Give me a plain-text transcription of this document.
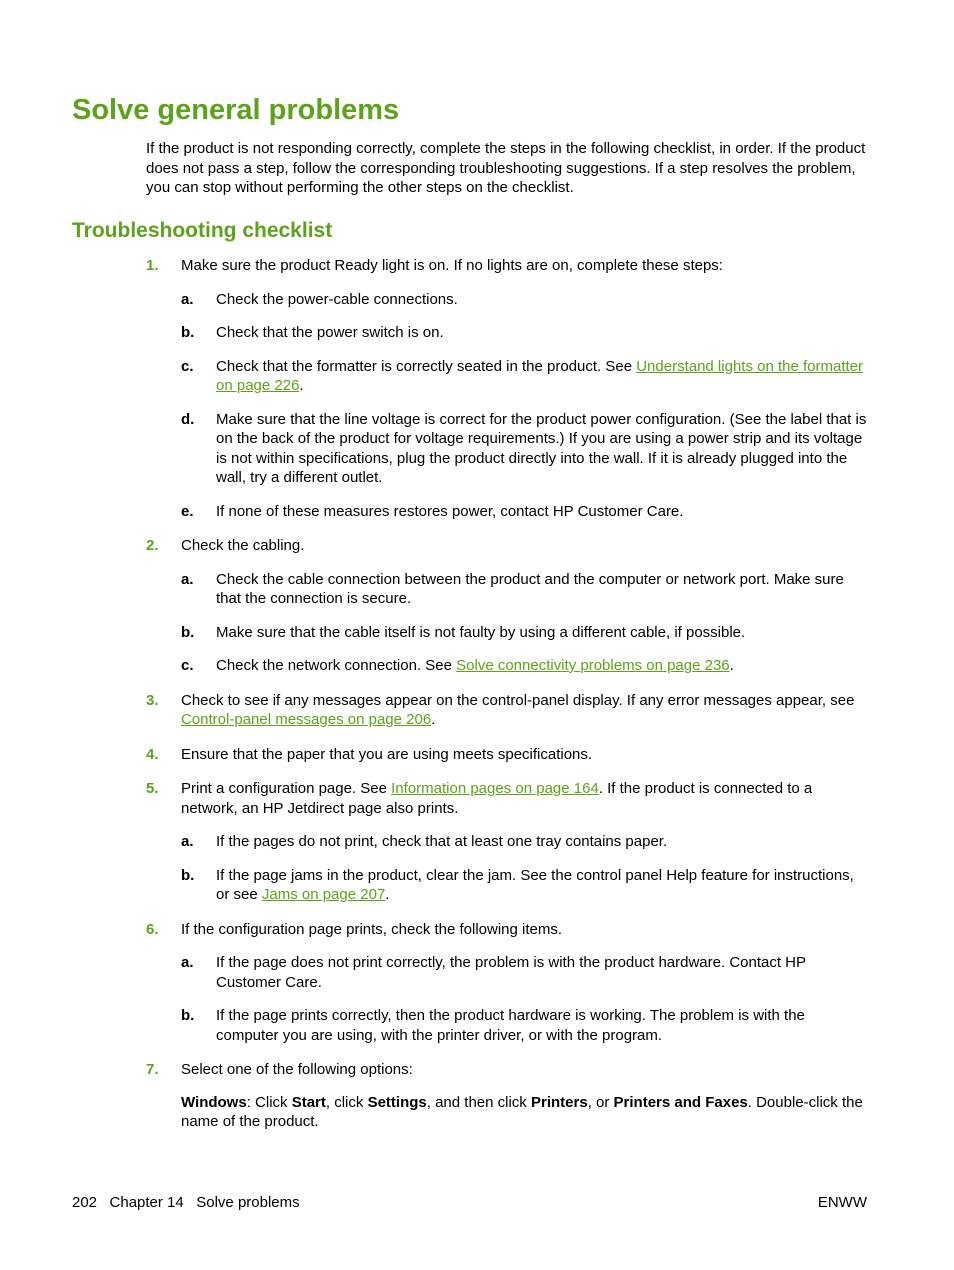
Solve general problems

If the product is not responding correctly, complete the steps in the following checklist, in order. If the product does not pass a step, follow the corresponding troubleshooting suggestions. If a step resolves the problem, you can stop without performing the other steps on the checklist.

Troubleshooting checklist
1. Make sure the product Ready light is on. If no lights are on, complete these steps:
a. Check the power-cable connections.
b. Check that the power switch is on.
c. Check that the formatter is correctly seated in the product. See Understand lights on the formatter on page 226.
d. Make sure that the line voltage is correct for the product power configuration. (See the label that is on the back of the product for voltage requirements.) If you are using a power strip and its voltage is not within specifications, plug the product directly into the wall. If it is already plugged into the wall, try a different outlet.
e. If none of these measures restores power, contact HP Customer Care.
2. Check the cabling.
a. Check the cable connection between the product and the computer or network port. Make sure that the connection is secure.
b. Make sure that the cable itself is not faulty by using a different cable, if possible.
c. Check the network connection. See Solve connectivity problems on page 236.
3. Check to see if any messages appear on the control-panel display. If any error messages appear, see Control-panel messages on page 206.
4. Ensure that the paper that you are using meets specifications.
5. Print a configuration page. See Information pages on page 164. If the product is connected to a network, an HP Jetdirect page also prints.
a. If the pages do not print, check that at least one tray contains paper.
b. If the page jams in the product, clear the jam. See the control panel Help feature for instructions, or see Jams on page 207.
6. If the configuration page prints, check the following items.
a. If the page does not print correctly, the problem is with the product hardware. Contact HP Customer Care.
b. If the page prints correctly, then the product hardware is working. The problem is with the computer you are using, with the printer driver, or with the program.
7. Select one of the following options:
Windows: Click Start, click Settings, and then click Printers, or Printers and Faxes. Double-click the name of the product.
202   Chapter 14   Solve problems	ENWW
